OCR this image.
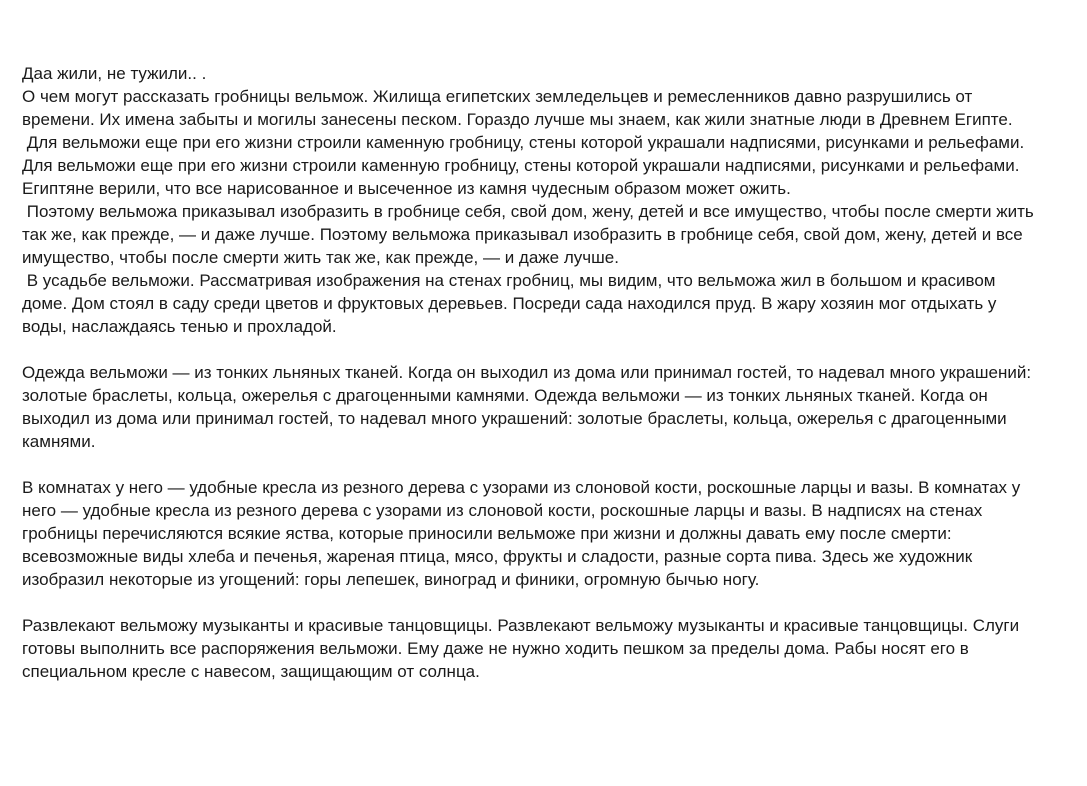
Даа жили, не тужили.. .

О чем могут рассказать гробницы вельмож. Жилища египетских земледельцев и ремесленников давно разрушились от времени. Их имена забыты и могилы занесены песком. Гораздо лучше мы знаем, как жили знатные люди в Древнем Египте.

Для вельможи еще при его жизни строили каменную гробницу, стены которой украшали надписями, рисунками и рельефами. Для вельможи еще при его жизни строили каменную гробницу, стены которой украшали надписями, рисунками и рельефами. Египтяне верили, что все нарисованное и высеченное из камня чудесным образом может ожить.

Поэтому вельможа приказывал изобразить в гробнице себя, свой дом, жену, детей и все имущество, чтобы после смерти жить так же, как прежде, — и даже лучше. Поэтому вельможа приказывал изобразить в гробнице себя, свой дом, жену, детей и все имущество, чтобы после смерти жить так же, как прежде, — и даже лучше.

В усадьбе вельможи. Рассматривая изображения на стенах гробниц, мы видим, что вельможа жил в большом и красивом доме. Дом стоял в саду среди цветов и фруктовых деревьев. Посреди сада находился пруд. В жару хозяин мог отдыхать у воды, наслаждаясь тенью и прохладой.

Одежда вельможи — из тонких льняных тканей. Когда он выходил из дома или принимал гостей, то надевал много украшений: золотые браслеты, кольца, ожерелья с драгоценными камнями. Одежда вельможи — из тонких льняных тканей. Когда он выходил из дома или принимал гостей, то надевал много украшений: золотые браслеты, кольца, ожерелья с драгоценными камнями.

В комнатах у него — удобные кресла из резного дерева с узорами из слоновой кости, роскошные ларцы и вазы. В комнатах у него — удобные кресла из резного дерева с узорами из слоновой кости, роскошные ларцы и вазы. В надписях на стенах гробницы перечисляются всякие яства, которые приносили вельможе при жизни и должны давать ему после смерти: всевозможные виды хлеба и печенья, жареная птица, мясо, фрукты и сладости, разные сорта пива. Здесь же художник изобразил некоторые из угощений: горы лепешек, виноград и финики, огромную бычью ногу.

Развлекают вельможу музыканты и красивые танцовщицы. Развлекают вельможу музыканты и красивые танцовщицы. Слуги готовы выполнить все распоряжения вельможи. Ему даже не нужно ходить пешком за пределы дома. Рабы носят его в специальном кресле с навесом, защищающим от солнца.
